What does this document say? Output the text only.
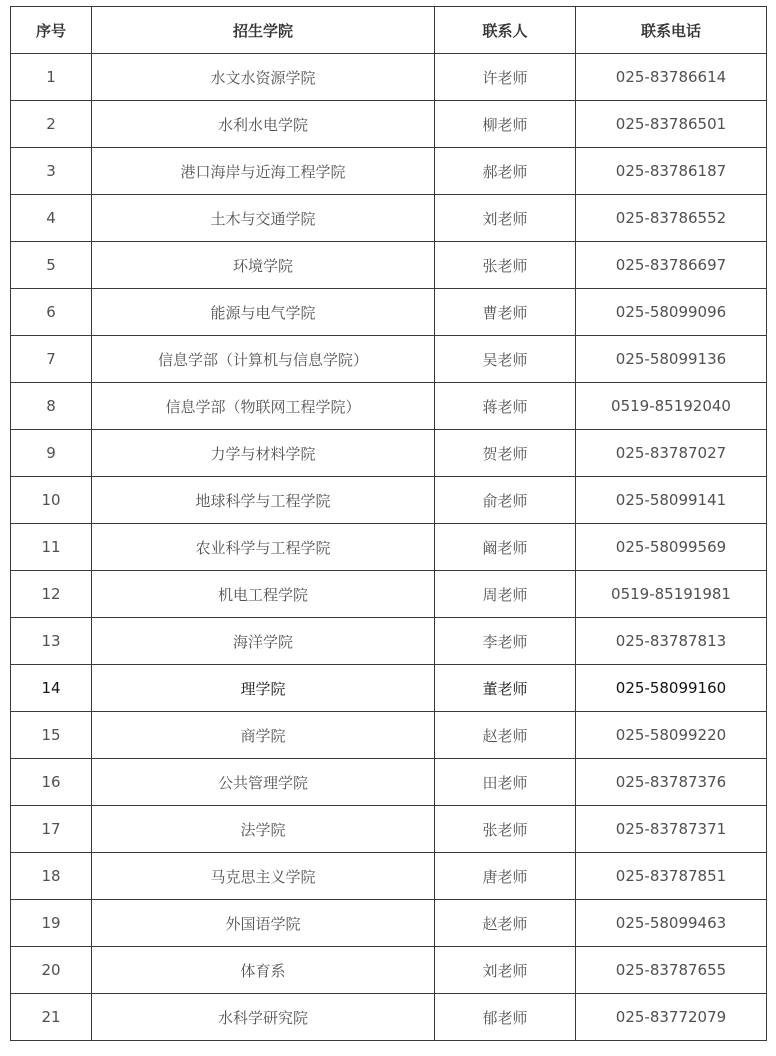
序号	招生学院	联系人	联系电话
1	水文水资源学院	许老师	025-83786614
2	水利水电学院	柳老师	025-83786501
3	港口海岸与近海工程学院	郝老师	025-83786187
4	土木与交通学院	刘老师	025-83786552
5	环境学院	张老师	025-83786697
6	能源与电气学院	曹老师	025-58099096
7	信息学部（计算机与信息学院）	吴老师	025-58099136
8	信息学部（物联网工程学院）	蒋老师	0519-85192040
9	力学与材料学院	贺老师	025-83787027
10	地球科学与工程学院	俞老师	025-58099141
11	农业科学与工程学院	阚老师	025-58099569
12	机电工程学院	周老师	0519-85191981
13	海洋学院	李老师	025-83787813
14	理学院	董老师	025-58099160
15	商学院	赵老师	025-58099220
16	公共管理学院	田老师	025-83787376
17	法学院	张老师	025-83787371
18	马克思主义学院	唐老师	025-83787851
19	外国语学院	赵老师	025-58099463
20	体育系	刘老师	025-83787655
21	水科学研究院	郁老师	025-83772079
